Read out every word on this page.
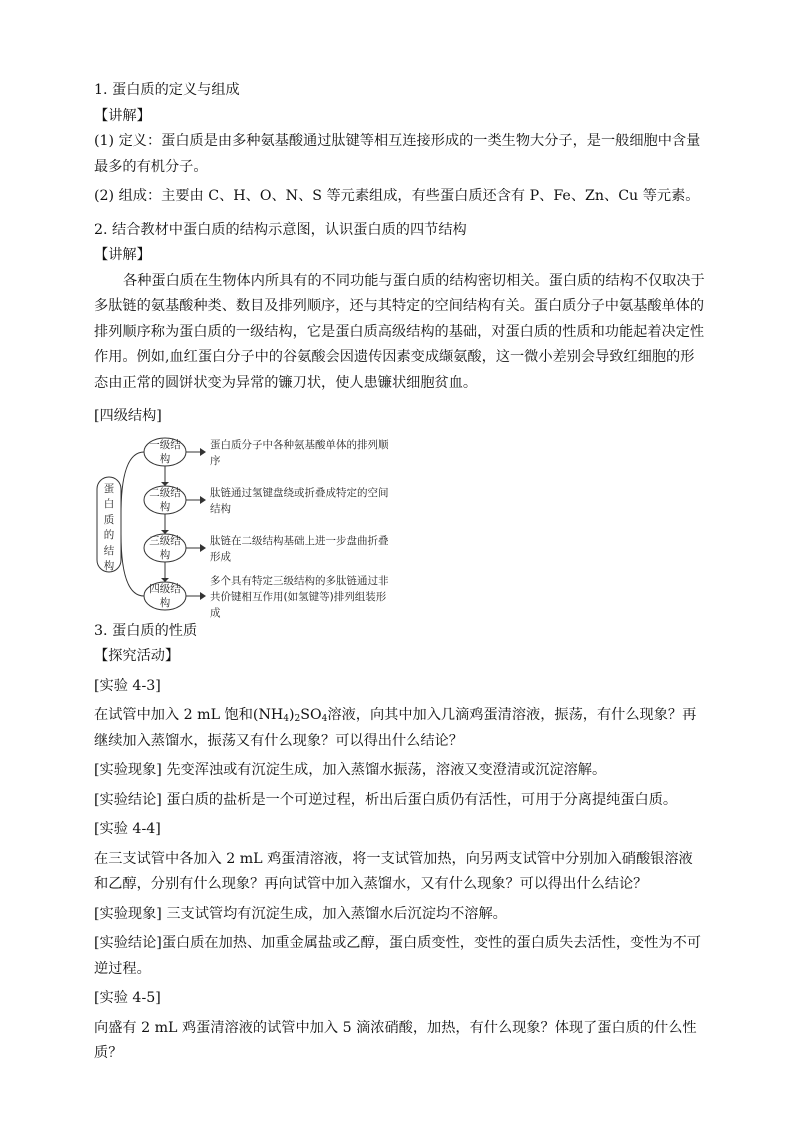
1. 蛋白质的定义与组成
【讲解】
(1) 定义：蛋白质是由多种氨基酸通过肽键等相互连接形成的一类生物大分子，是一般细胞中含量最多的有机分子。
(2) 组成：主要由 C、H、O、N、S 等元素组成，有些蛋白质还含有 P、Fe、Zn、Cu 等元素。
2. 结合教材中蛋白质的结构示意图，认识蛋白质的四节结构
【讲解】
各种蛋白质在生物体内所具有的不同功能与蛋白质的结构密切相关。蛋白质的结构不仅取决于多肽链的氨基酸种类、数目及排列顺序，还与其特定的空间结构有关。蛋白质分子中氨基酸单体的排列顺序称为蛋白质的一级结构，它是蛋白质高级结构的基础，对蛋白质的性质和功能起着决定性作用。例如,血红蛋白分子中的谷氨酸会因遗传因素变成缬氨酸，这一微小差别会导致红细胞的形态由正常的圆饼状变为异常的镰刀状，使人患镰状细胞贫血。
[四级结构]
蛋白质的结构
一级结构
二级结构
三级结构
四级结构
蛋白质分子中各种氨基酸单体的排列顺序
肽链通过氢键盘绕或折叠成特定的空间结构
肽链在二级结构基础上进一步盘曲折叠形成
多个具有特定三级结构的多肽链通过非共价键相互作用(如氢键等)排列组装形成
3. 蛋白质的性质
【探究活动】
[实验 4-3]
在试管中加入 2 mL 饱和$(NH_4)_2SO_4$溶液，向其中加入几滴鸡蛋清溶液，振荡，有什么现象？再继续加入蒸馏水，振荡又有什么现象？可以得出什么结论？
[实验现象] 先变浑浊或有沉淀生成，加入蒸馏水振荡，溶液又变澄清或沉淀溶解。
[实验结论] 蛋白质的盐析是一个可逆过程，析出后蛋白质仍有活性，可用于分离提纯蛋白质。
[实验 4-4]
在三支试管中各加入 2 mL 鸡蛋清溶液，将一支试管加热，向另两支试管中分别加入硝酸银溶液和乙醇，分别有什么现象？再向试管中加入蒸馏水，又有什么现象？可以得出什么结论？
[实验现象] 三支试管均有沉淀生成，加入蒸馏水后沉淀均不溶解。
[实验结论]蛋白质在加热、加重金属盐或乙醇，蛋白质变性，变性的蛋白质失去活性，变性为不可逆过程。
[实验 4-5]
向盛有 2 mL 鸡蛋清溶液的试管中加入 5 滴浓硝酸，加热，有什么现象？体现了蛋白质的什么性质？
